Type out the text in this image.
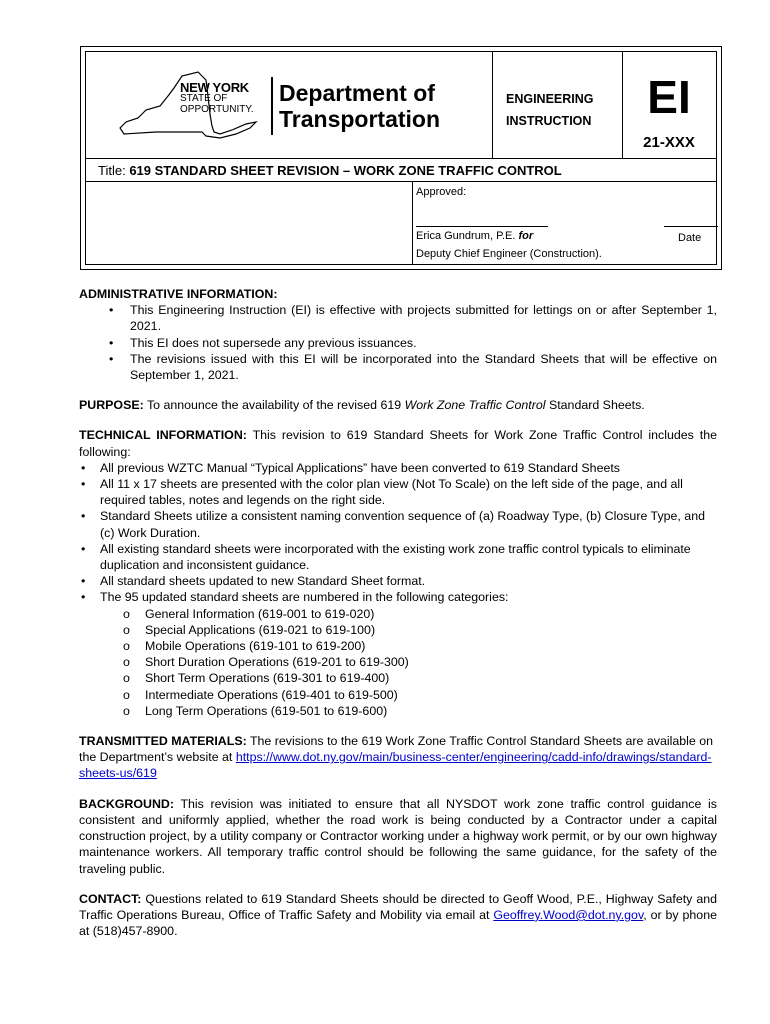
NEW YORK
STATE OF
OPPORTUNITY.
Department of
Transportation
ENGINEERING
INSTRUCTION	EI
21-XXX
Title: 619 STANDARD SHEET REVISION – WORK ZONE TRAFFIC CONTROL
Approved:
Erica Gundrum, P.E. for	Date
Deputy Chief Engineer (Construction).
ADMINISTRATIVE INFORMATION:
• This Engineering Instruction (EI) is effective with projects submitted for lettings on or after September 1, 2021.
• This EI does not supersede any previous issuances.
• The revisions issued with this EI will be incorporated into the Standard Sheets that will be effective on September 1, 2021.
PURPOSE: To announce the availability of the revised 619 Work Zone Traffic Control Standard Sheets.
TECHNICAL INFORMATION: This revision to 619 Standard Sheets for Work Zone Traffic Control includes the following:
• All previous WZTC Manual “Typical Applications” have been converted to 619 Standard Sheets
• All 11 x 17 sheets are presented with the color plan view (Not To Scale) on the left side of the page, and all required tables, notes and legends on the right side.
• Standard Sheets utilize a consistent naming convention sequence of (a) Roadway Type, (b) Closure Type, and (c) Work Duration.
• All existing standard sheets were incorporated with the existing work zone traffic control typicals to eliminate duplication and inconsistent guidance.
• All standard sheets updated to new Standard Sheet format.
• The 95 updated standard sheets are numbered in the following categories:
o General Information (619-001 to 619-020)
o Special Applications (619-021 to 619-100)
o Mobile Operations (619-101 to 619-200)
o Short Duration Operations (619-201 to 619-300)
o Short Term Operations (619-301 to 619-400)
o Intermediate Operations (619-401 to 619-500)
o Long Term Operations (619-501 to 619-600)
TRANSMITTED MATERIALS: The revisions to the 619 Work Zone Traffic Control Standard Sheets are available on the Department’s website at https://www.dot.ny.gov/main/business-center/engineering/cadd-info/drawings/standard-sheets-us/619
BACKGROUND: This revision was initiated to ensure that all NYSDOT work zone traffic control guidance is consistent and uniformly applied, whether the road work is being conducted by a Contractor under a capital construction project, by a utility company or Contractor working under a highway work permit, or by our own highway maintenance workers. All temporary traffic control should be following the same guidance, for the safety of the traveling public.
CONTACT: Questions related to 619 Standard Sheets should be directed to Geoff Wood, P.E., Highway Safety and Traffic Operations Bureau, Office of Traffic Safety and Mobility via email at Geoffrey.Wood@dot.ny.gov, or by phone at (518)457-8900.
